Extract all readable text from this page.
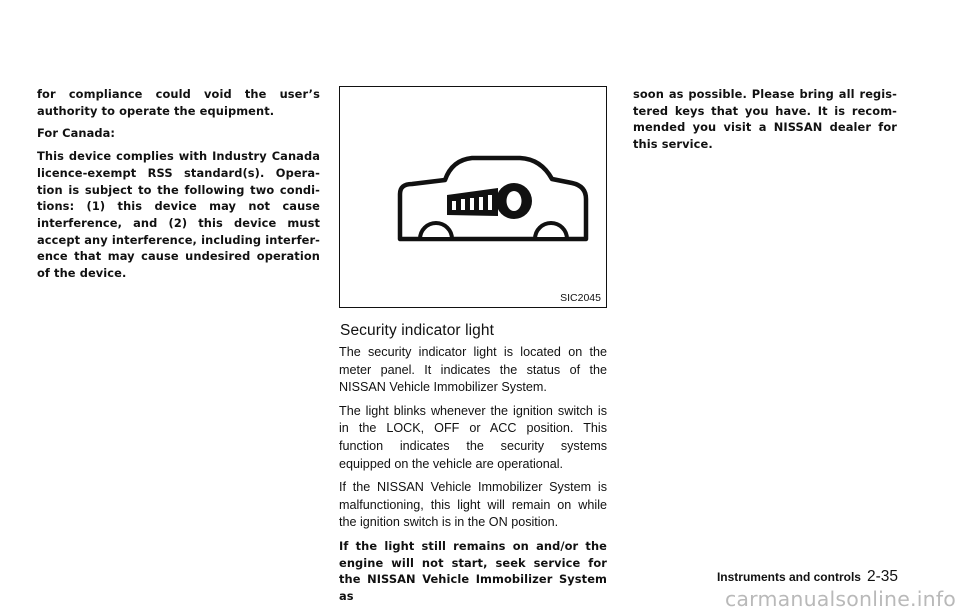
for compliance could void the user’s authority to operate the equipment.

For Canada:

This device complies with Industry Canada licence-exempt RSS standard(s). Opera-tion is subject to the following two condi-tions: (1) this device may not cause interference, and (2) this device must accept any interference, including interfer-ence that may cause undesired operation of the device.

SIC2045
Security indicator light

The security indicator light is located on the meter panel. It indicates the status of the NISSAN Vehicle Immobilizer System.

The light blinks whenever the ignition switch is in the LOCK, OFF or ACC position. This function indicates the security systems equipped on the vehicle are operational.

If the NISSAN Vehicle Immobilizer System is malfunctioning, this light will remain on while the ignition switch is in the ON position.

If the light still remains on and/or the engine will not start, seek service for the NISSAN Vehicle Immobilizer System as

soon as possible. Please bring all regis-tered keys that you have. It is recom-mended you visit a NISSAN dealer for this service.

Instruments and controls 2-35
carmanualsonline.info
